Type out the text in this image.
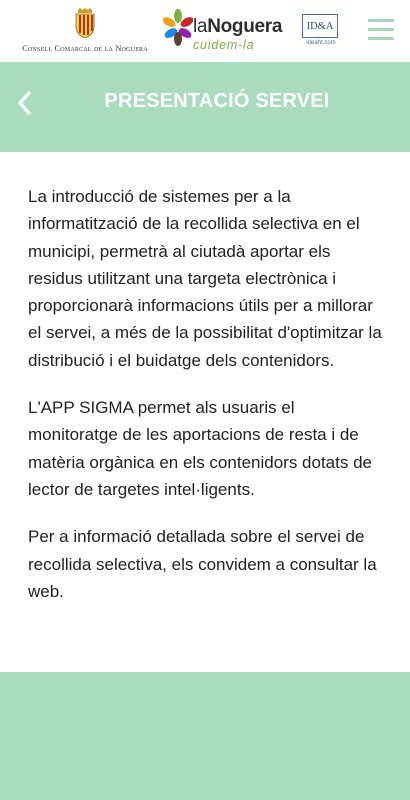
Consell Comarcal de la Noguera
laNoguera
cuidem-la
ID&A
ideaht.com
PRESENTACIÓ SERVEI

La introducció de sistemes per a la informatització de la recollida selectiva en el municipi, permetrà al ciutadà aportar els residus utilitzant una targeta electrònica i proporcionarà informacions útils per a millorar el servei, a més de la possibilitat d'optimitzar la distribució i el buidatge dels contenidors.

L'APP SIGMA permet als usuaris el monitoratge de les aportacions de resta i de matèria orgànica en els contenidors dotats de lector de targetes intel·ligents.

Per a informació detallada sobre el servei de recollida selectiva, els convidem a consultar la web.
